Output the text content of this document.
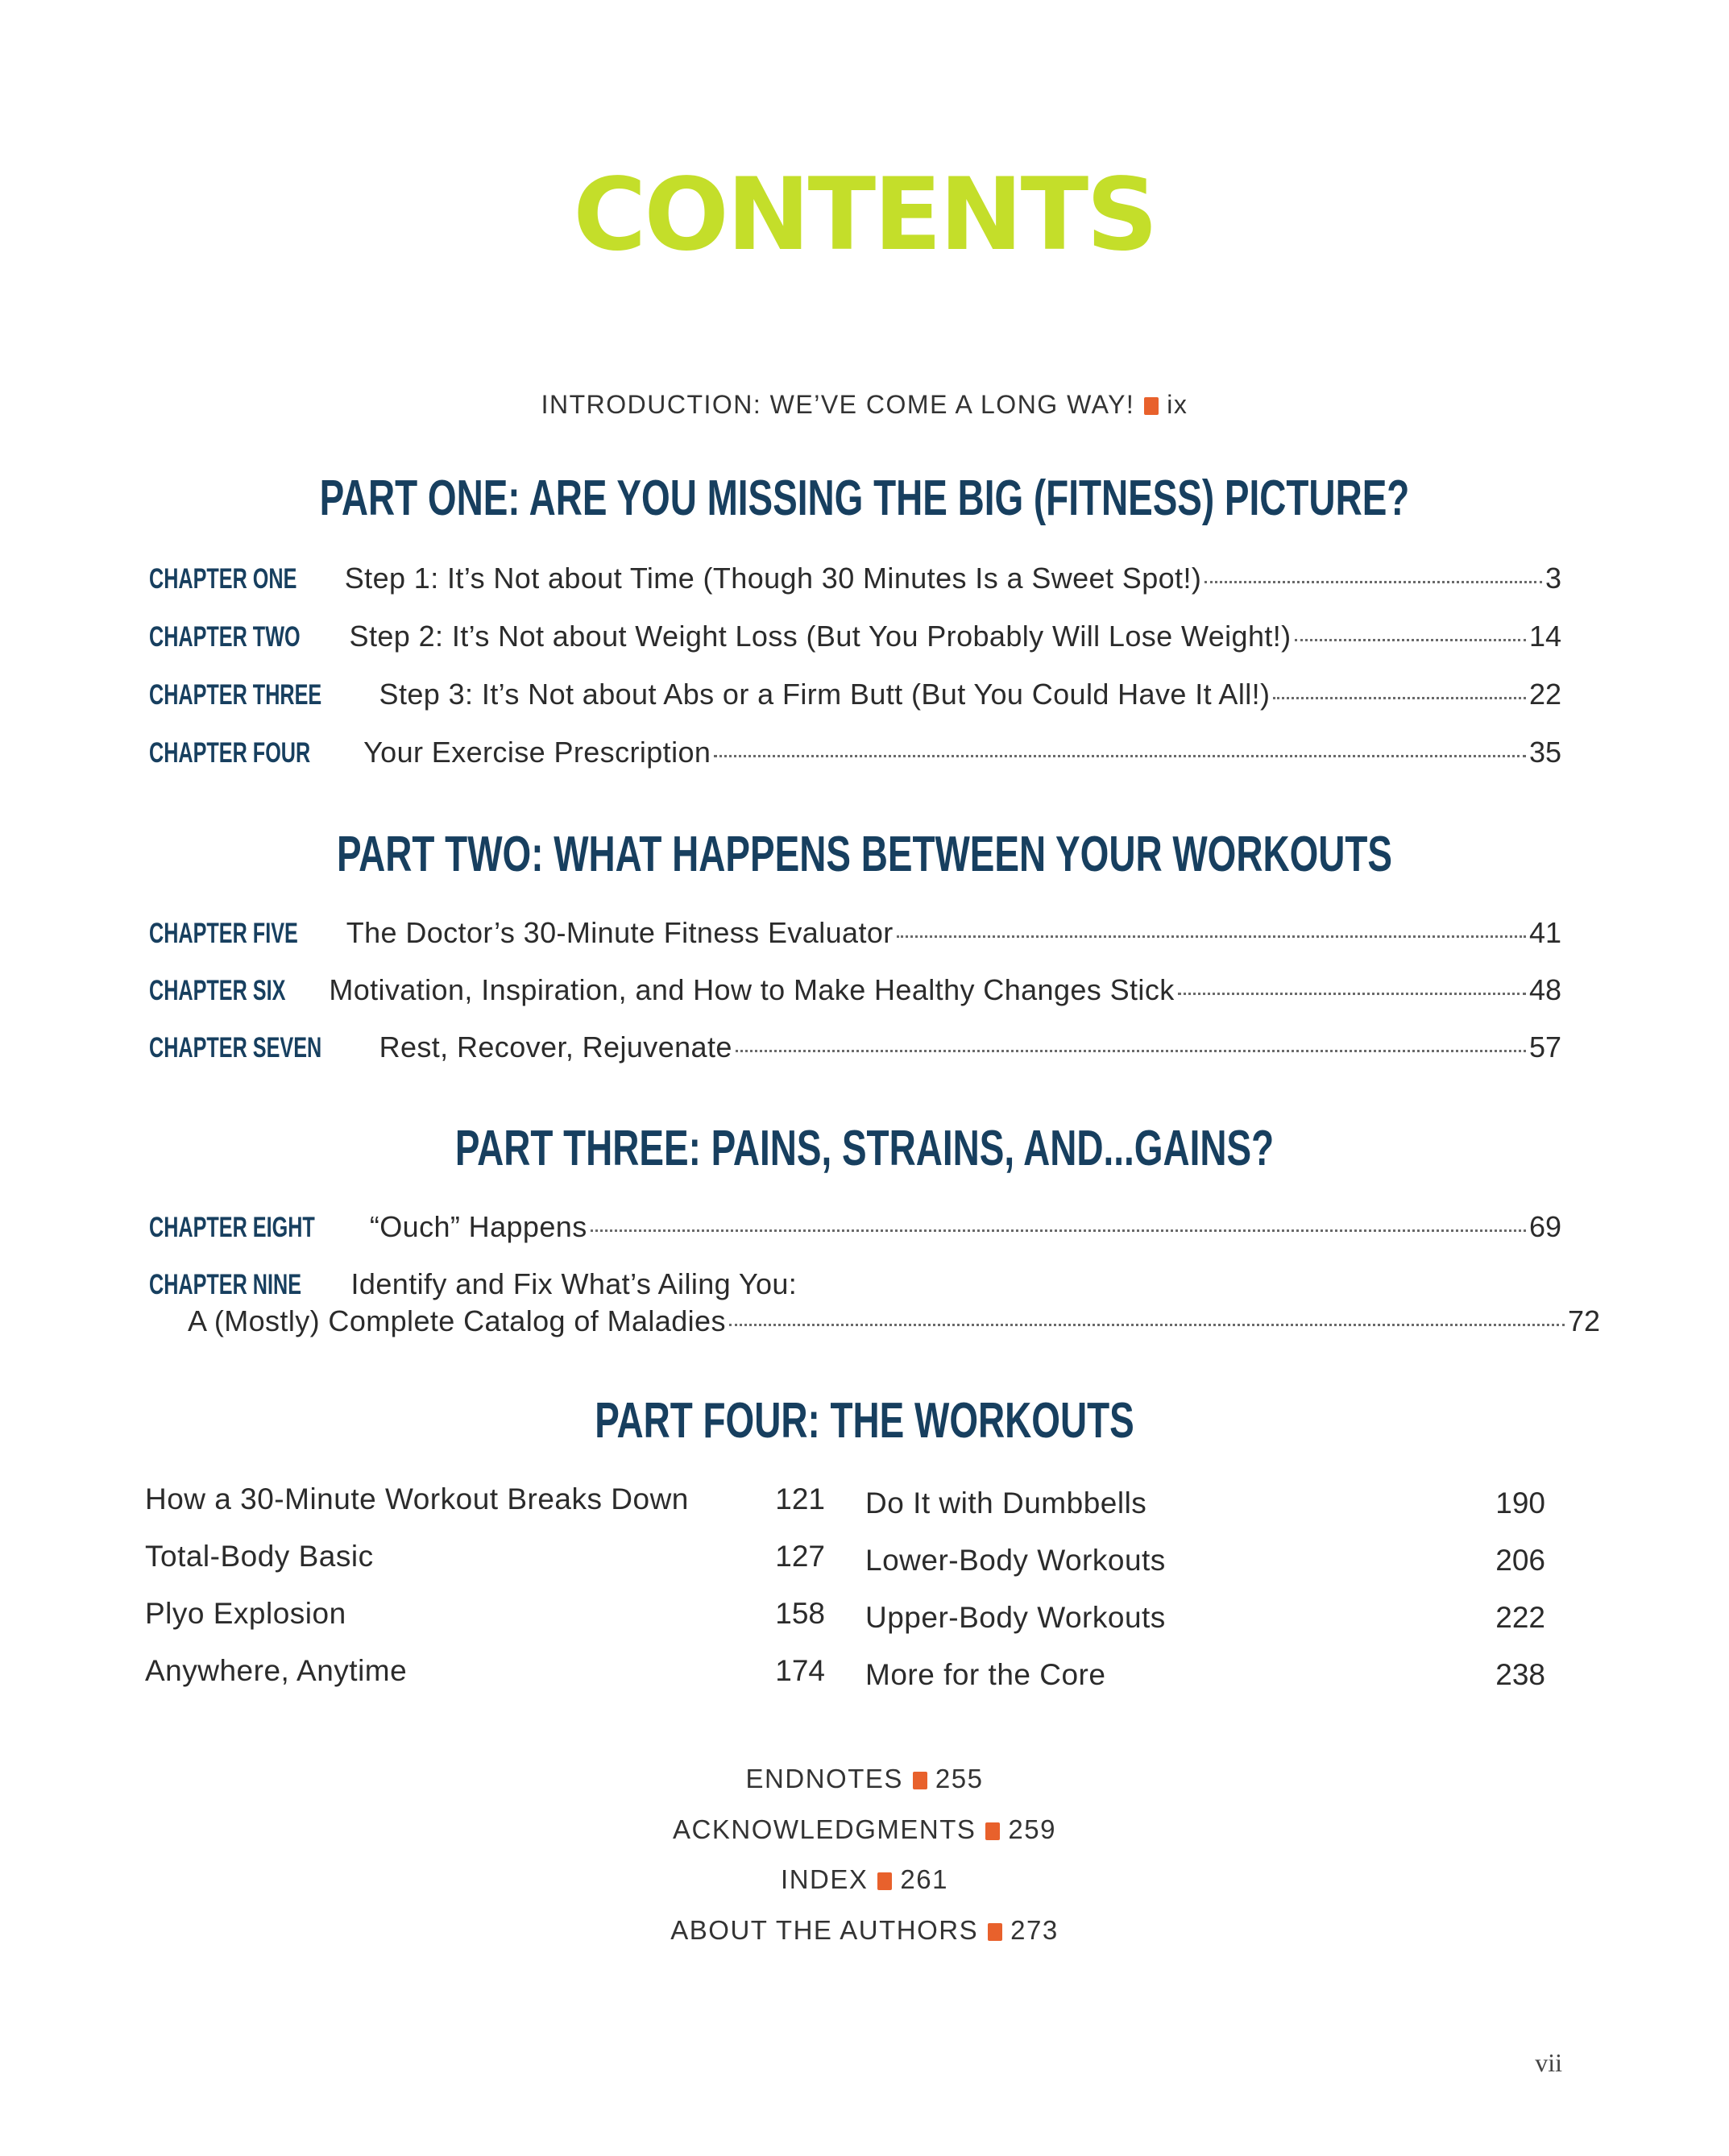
CONTENTS
INTRODUCTION: WE’VE COME A LONG WAY! ix
PART ONE: ARE YOU MISSING THE BIG (FITNESS) PICTURE?
PART TWO: WHAT HAPPENS BETWEEN YOUR WORKOUTS
PART THREE: PAINS, STRAINS, AND...GAINS?
PART FOUR: THE WORKOUTS
CHAPTER ONE Step 1: It’s Not about Time (Though 30 Minutes Is a Sweet Spot!)	3
CHAPTER TWO Step 2: It’s Not about Weight Loss (But You Probably Will Lose Weight!)	14
CHAPTER THREE Step 3: It’s Not about Abs or a Firm Butt (But You Could Have It All!)	22
CHAPTER FOUR Your Exercise Prescription	35
CHAPTER FIVE The Doctor’s 30-Minute Fitness Evaluator	41
CHAPTER SIX Motivation, Inspiration, and How to Make Healthy Changes Stick	48
CHAPTER SEVEN Rest, Recover, Rejuvenate	57
CHAPTER EIGHT “Ouch” Happens	69
CHAPTER NINE Identify and Fix What’s Ailing You:
A (Mostly) Complete Catalog of Maladies	72
How a 30-Minute Workout Breaks Down	121
Total-Body Basic	127
Plyo Explosion	158
Anywhere, Anytime	174
Do It with Dumbbells	190
Lower-Body Workouts	206
Upper-Body Workouts	222
More for the Core	238
ENDNOTES 255
ACKNOWLEDGMENTS 259
INDEX 261
ABOUT THE AUTHORS 273
vii
